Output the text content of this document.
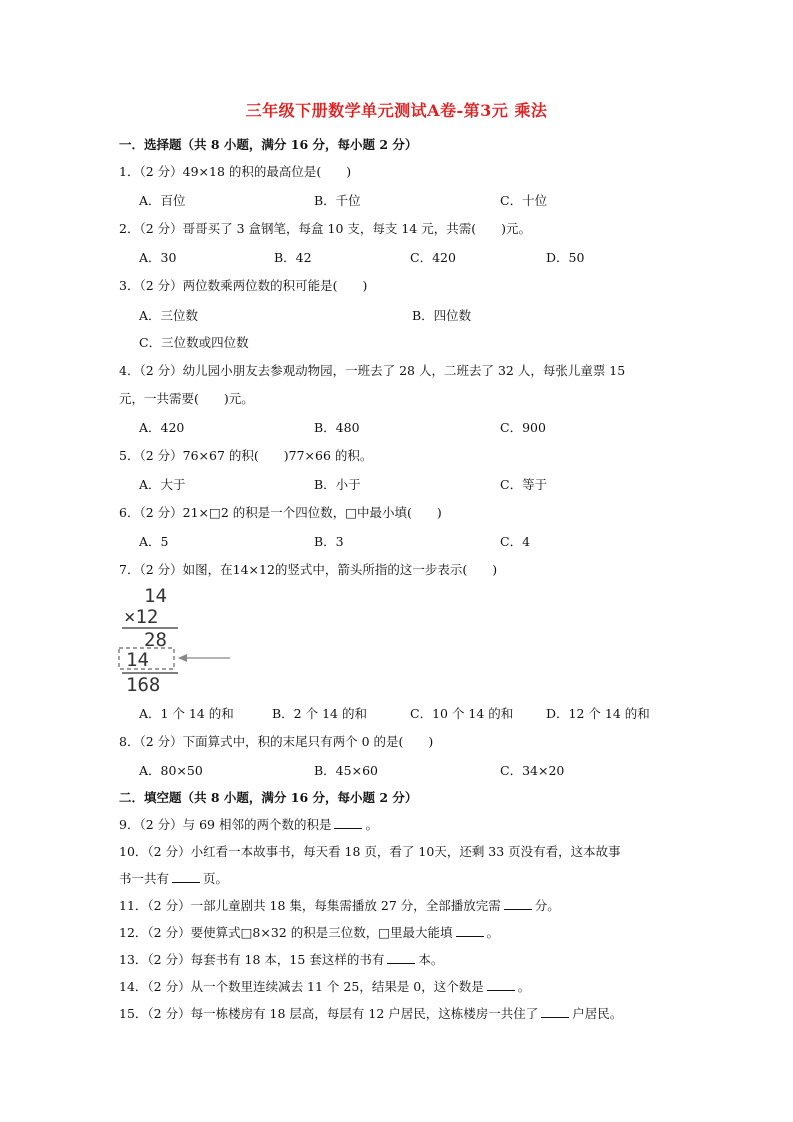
三年级下册数学单元测试A卷-第3元 乘法
一．选择题（共 8 小题，满分 16 分，每小题 2 分）
1．（2 分）49×18 的积的最高位是(　　)
A．百位	B．千位	C．十位
2．（2 分）哥哥买了 3 盒钢笔，每盒 10 支，每支 14 元，共需(　　)元。
A．30	B．42	C．420	D．50
3．（2 分）两位数乘两位数的积可能是(　　)
A．三位数	B．四位数
C．三位数或四位数
4．（2 分）幼儿园小朋友去参观动物园，一班去了 28 人，二班去了 32 人，每张儿童票 15
元，一共需要(　　)元。
A．420	B．480	C．900
5．（2 分）76×67 的积(　　)77×66 的积。
A．大于	B．小于	C．等于
6．（2 分）21×□2 的积是一个四位数，□中最小填(　　)
A．5	B．3	C．4
7．（2 分）如图，在14×12的竖式中，箭头所指的这一步表示(　　)
14
×12
28
14
168
A．1 个 14 的和	B．2 个 14 的和	C．10 个 14 的和	D．12 个 14 的和
8．（2 分）下面算式中，积的末尾只有两个 0 的是(　　)
A．80×50	B．45×60	C．34×20
二．填空题（共 8 小题，满分 16 分，每小题 2 分）
9．（2 分）与 69 相邻的两个数的积是	。
10．（2 分）小红看一本故事书，每天看 18 页，看了 10天，还剩 33 页没有看，这本故事
书一共有	页。
11．（2 分）一部儿童剧共 18 集，每集需播放 27 分，全部播放完需	分。
12．（2 分）要使算式□8×32 的积是三位数，□里最大能填	。
13．（2 分）每套书有 18 本，15 套这样的书有	本。
14．（2 分）从一个数里连续减去 11 个 25，结果是 0，这个数是	。
15．（2 分）每一栋楼房有 18 层高，每层有 12 户居民，这栋楼房一共住了	户居民。
